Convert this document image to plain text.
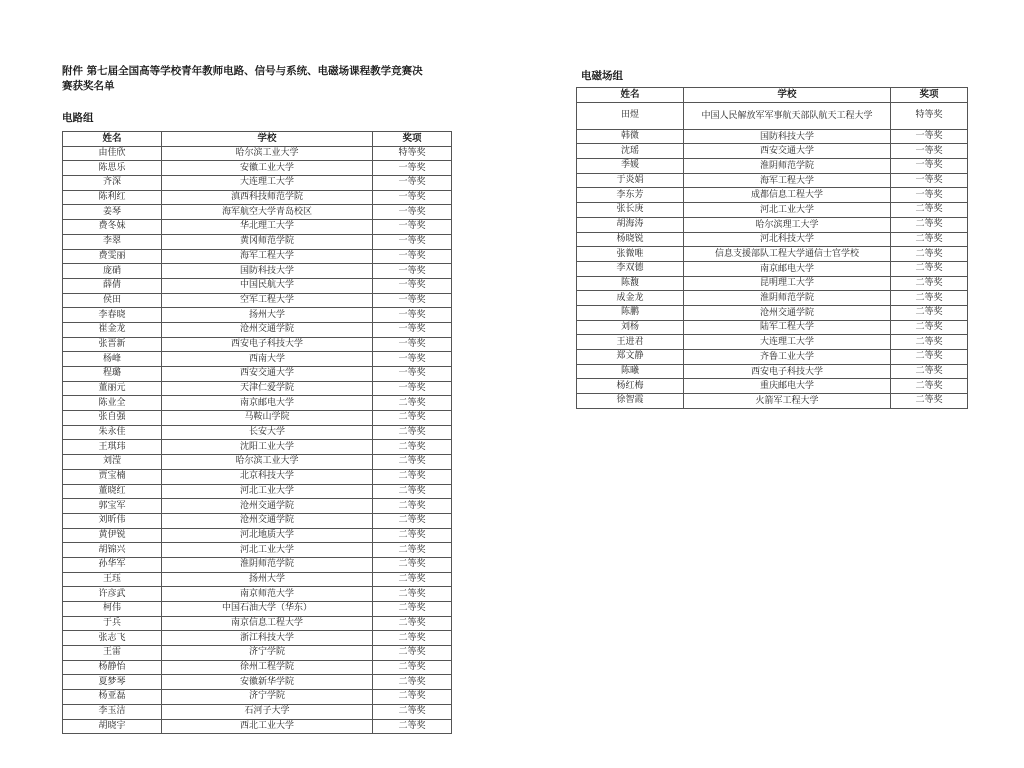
附件 第七届全国高等学校青年教师电路、信号与系统、电磁场课程教学竞赛决
赛获奖名单
电路组
姓名	学校	奖项
由佳欣	哈尔滨工业大学	特等奖
陈思乐	安徽工业大学	一等奖
齐深	大连理工大学	一等奖
陈利红	滇西科技师范学院	一等奖
姜琴	海军航空大学青岛校区	一等奖
费冬妹	华北理工大学	一等奖
李翠	黄冈师范学院	一等奖
费雯丽	海军工程大学	一等奖
庞硝	国防科技大学	一等奖
薛倩	中国民航大学	一等奖
侯田	空军工程大学	一等奖
李春晓	扬州大学	一等奖
崔金龙	沧州交通学院	一等奖
张晋新	西安电子科技大学	一等奖
杨峰	西南大学	一等奖
程璐	西安交通大学	一等奖
董丽元	天津仁爱学院	一等奖
陈业全	南京邮电大学	二等奖
张自强	马鞍山学院	二等奖
朱永佳	长安大学	二等奖
王琪玮	沈阳工业大学	二等奖
刘滢	哈尔滨工业大学	二等奖
贾宝楠	北京科技大学	二等奖
董晓红	河北工业大学	二等奖
郭宝军	沧州交通学院	二等奖
刘昕伟	沧州交通学院	二等奖
黄伊锐	河北地质大学	二等奖
胡锦兴	河北工业大学	二等奖
孙华军	淮阴师范学院	二等奖
王珏	扬州大学	二等奖
许彦武	南京师范大学	二等奖
柯伟	中国石油大学（华东）	二等奖
于兵	南京信息工程大学	二等奖
张志飞	浙江科技大学	二等奖
王雷	济宁学院	二等奖
杨静怡	徐州工程学院	二等奖
夏梦琴	安徽新华学院	二等奖
杨亚磊	济宁学院	二等奖
李玉洁	石河子大学	二等奖
胡晓宇	西北工业大学	二等奖
电磁场组
姓名	学校	奖项
田煜	中国人民解放军军事航天部队航天工程大学	特等奖
韩微	国防科技大学	一等奖
沈瑶	西安交通大学	一等奖
季媛	淮阴师范学院	一等奖
于炎娟	海军工程大学	一等奖
李东芳	成都信息工程大学	一等奖
张长庚	河北工业大学	二等奖
胡海涛	哈尔滨理工大学	二等奖
杨晓锐	河北科技大学	二等奖
张微唯	信息支援部队工程大学通信士官学校	二等奖
李双德	南京邮电大学	二等奖
陈馥	昆明理工大学	二等奖
成金龙	淮阴师范学院	二等奖
陈鹏	沧州交通学院	二等奖
刘杨	陆军工程大学	二等奖
王进君	大连理工大学	二等奖
郑文静	齐鲁工业大学	二等奖
陈曦	西安电子科技大学	二等奖
杨红梅	重庆邮电大学	二等奖
徐智霞	火箭军工程大学	二等奖
